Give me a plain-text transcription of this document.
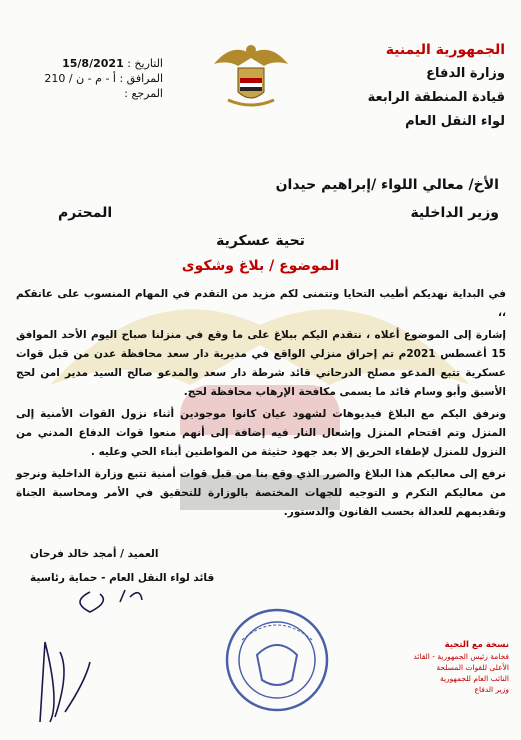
الجمهورية اليمنية
وزارة الدفاع
قيادة المنطقة الرابعة
لواء النقل العام
التاريخ : 15/8/2021
المرافق : أ - م - ن / 210
المرجع :
الأخ/ معالي اللواء /إبراهيم حيدان
وزير الداخلية
المحترم
تحية عسكرية
الموضوع / بلاغ وشكوى

في البداية نهديكم أطيب التحايا وتتمنى لكم مزيد من التقدم في المهام المنسوب على عاتقكم ،،

إشارة إلى الموضوع أعلاه ، نتقدم اليكم ببلاغ على ما وقع في منزلنا صباح اليوم الأحد الموافق 15 أغسطس 2021م تم إحراق منزلي الواقع في مديرية دار سعد محافظة عدن من قبل قوات عسكرية تتبع المدعو مصلح الدرحاني قائد شرطة دار سعد والمدعو صالح السيد مدير امن لحج الأسبق وأبو وسام قائد ما يسمى مكافحة الإرهاب محافظة لحج.

ونرفق اليكم مع البلاغ فيديوهات لشهود عيان كانوا موجودين أثناء نزول القوات الأمنية إلى المنزل وتم اقتحام المنزل وإشعال النار فيه إضافة إلى أنهم منعوا قوات الدفاع المدني من النزول للمنزل لإطفاء الحريق إلا بعد جهود حثيثة من المواطنين أبناء الحي وعليه .

نرفع إلى معاليكم هذا البلاغ والضرر الذي وقع بنا من قبل قوات أمنية تتبع وزارة الداخلية ونرجو من معاليكم التكرم و التوجيه للجهات المختصة بالوزارة للتحقيق في الأمر ومحاسبة الجناة وتقديمهم للعدالة بحسب القانون والدستور.

العميد / أمجد خالد فرحان
قائد لواء النقل العام - حماية رئاسية
نسخة مع التحية
فخامة رئيس الجمهورية - القائد الأعلى للقوات المسلحة
النائب العام للجمهورية
وزير الدفاع
